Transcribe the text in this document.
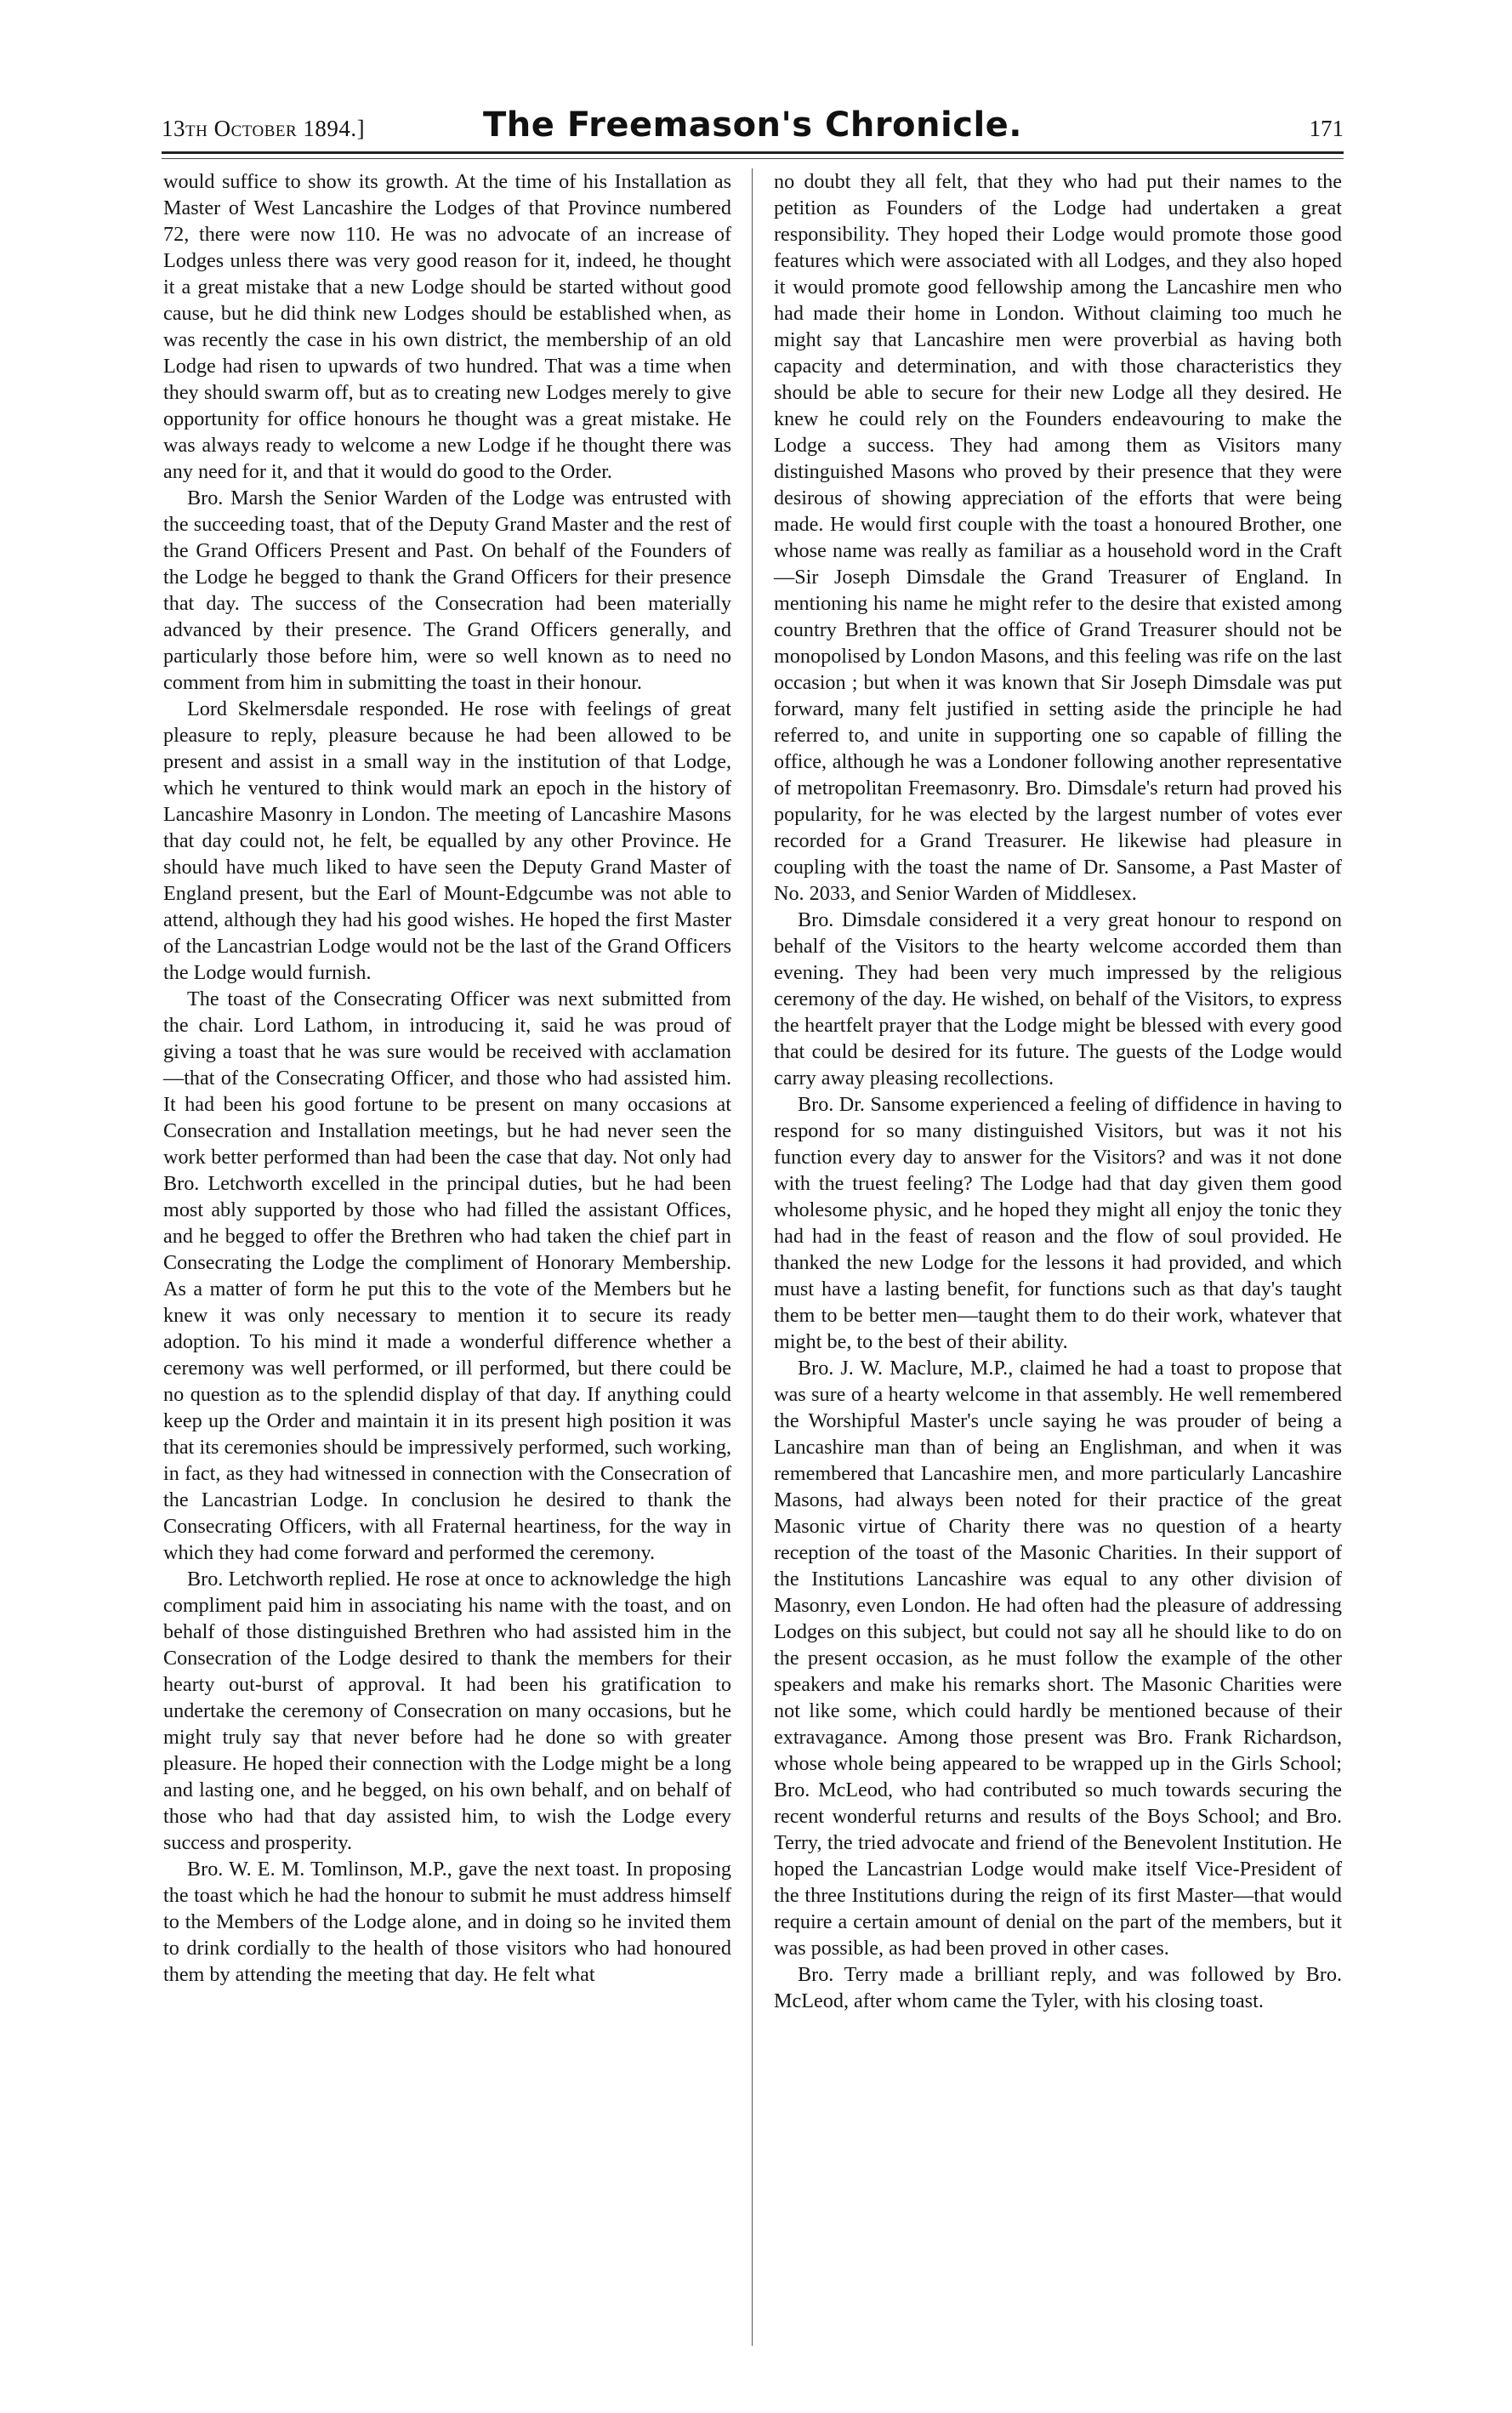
13th October 1894.]	The Freemason's Chronicle.	171

would suffice to show its growth. At the time of his Installation as Master of West Lancashire the Lodges of that Province numbered 72, there were now 110. He was no advocate of an increase of Lodges unless there was very good reason for it, indeed, he thought it a great mistake that a new Lodge should be started without good cause, but he did think new Lodges should be established when, as was recently the case in his own district, the membership of an old Lodge had risen to upwards of two hundred. That was a time when they should swarm off, but as to creating new Lodges merely to give opportunity for office honours he thought was a great mistake. He was always ready to welcome a new Lodge if he thought there was any need for it, and that it would do good to the Order.

Bro. Marsh the Senior Warden of the Lodge was entrusted with the succeeding toast, that of the Deputy Grand Master and the rest of the Grand Officers Present and Past. On behalf of the Founders of the Lodge he begged to thank the Grand Officers for their presence that day. The success of the Consecration had been materially advanced by their presence. The Grand Officers generally, and particularly those before him, were so well known as to need no comment from him in submitting the toast in their honour.

Lord Skelmersdale responded. He rose with feelings of great pleasure to reply, pleasure because he had been allowed to be present and assist in a small way in the institution of that Lodge, which he ventured to think would mark an epoch in the history of Lancashire Masonry in London. The meeting of Lancashire Masons that day could not, he felt, be equalled by any other Province. He should have much liked to have seen the Deputy Grand Master of England present, but the Earl of Mount-Edgcumbe was not able to attend, although they had his good wishes. He hoped the first Master of the Lancastrian Lodge would not be the last of the Grand Officers the Lodge would furnish.

The toast of the Consecrating Officer was next submitted from the chair. Lord Lathom, in introducing it, said he was proud of giving a toast that he was sure would be received with acclamation—that of the Consecrating Officer, and those who had assisted him. It had been his good fortune to be present on many occasions at Consecration and Installation meetings, but he had never seen the work better performed than had been the case that day. Not only had Bro. Letchworth excelled in the principal duties, but he had been most ably supported by those who had filled the assistant Offices, and he begged to offer the Brethren who had taken the chief part in Consecrating the Lodge the compliment of Honorary Membership. As a matter of form he put this to the vote of the Members but he knew it was only necessary to mention it to secure its ready adoption. To his mind it made a wonderful difference whether a ceremony was well performed, or ill performed, but there could be no question as to the splendid display of that day. If anything could keep up the Order and maintain it in its present high position it was that its ceremonies should be impressively performed, such working, in fact, as they had witnessed in connection with the Consecration of the Lancastrian Lodge. In conclusion he desired to thank the Consecrating Officers, with all Fraternal heartiness, for the way in which they had come forward and performed the ceremony.

Bro. Letchworth replied. He rose at once to acknowledge the high compliment paid him in associating his name with the toast, and on behalf of those distinguished Brethren who had assisted him in the Consecration of the Lodge desired to thank the members for their hearty out-burst of approval. It had been his gratification to undertake the ceremony of Consecration on many occasions, but he might truly say that never before had he done so with greater pleasure. He hoped their connection with the Lodge might be a long and lasting one, and he begged, on his own behalf, and on behalf of those who had that day assisted him, to wish the Lodge every success and prosperity.

Bro. W. E. M. Tomlinson, M.P., gave the next toast. In proposing the toast which he had the honour to submit he must address himself to the Members of the Lodge alone, and in doing so he invited them to drink cordially to the health of those visitors who had honoured them by attending the meeting that day. He felt what

no doubt they all felt, that they who had put their names to the petition as Founders of the Lodge had undertaken a great responsibility. They hoped their Lodge would promote those good features which were associated with all Lodges, and they also hoped it would promote good fellowship among the Lancashire men who had made their home in London. Without claiming too much he might say that Lancashire men were proverbial as having both capacity and determination, and with those characteristics they should be able to secure for their new Lodge all they desired. He knew he could rely on the Founders endeavouring to make the Lodge a success. They had among them as Visitors many distinguished Masons who proved by their presence that they were desirous of showing appreciation of the efforts that were being made. He would first couple with the toast a honoured Brother, one whose name was really as familiar as a household word in the Craft—Sir Joseph Dimsdale the Grand Treasurer of England. In mentioning his name he might refer to the desire that existed among country Brethren that the office of Grand Treasurer should not be monopolised by London Masons, and this feeling was rife on the last occasion ; but when it was known that Sir Joseph Dimsdale was put forward, many felt justified in setting aside the principle he had referred to, and unite in supporting one so capable of filling the office, although he was a Londoner following another representative of metropolitan Freemasonry. Bro. Dimsdale's return had proved his popularity, for he was elected by the largest number of votes ever recorded for a Grand Treasurer. He likewise had pleasure in coupling with the toast the name of Dr. Sansome, a Past Master of No. 2033, and Senior Warden of Middlesex.

Bro. Dimsdale considered it a very great honour to respond on behalf of the Visitors to the hearty welcome accorded them than evening. They had been very much impressed by the religious ceremony of the day. He wished, on behalf of the Visitors, to express the heartfelt prayer that the Lodge might be blessed with every good that could be desired for its future. The guests of the Lodge would carry away pleasing recollections.

Bro. Dr. Sansome experienced a feeling of diffidence in having to respond for so many distinguished Visitors, but was it not his function every day to answer for the Visitors? and was it not done with the truest feeling? The Lodge had that day given them good wholesome physic, and he hoped they might all enjoy the tonic they had had in the feast of reason and the flow of soul provided. He thanked the new Lodge for the lessons it had provided, and which must have a lasting benefit, for functions such as that day's taught them to be better men—taught them to do their work, whatever that might be, to the best of their ability.

Bro. J. W. Maclure, M.P., claimed he had a toast to propose that was sure of a hearty welcome in that assembly. He well remembered the Worshipful Master's uncle saying he was prouder of being a Lancashire man than of being an Englishman, and when it was remembered that Lancashire men, and more particularly Lancashire Masons, had always been noted for their practice of the great Masonic virtue of Charity there was no question of a hearty reception of the toast of the Masonic Charities. In their support of the Institutions Lancashire was equal to any other division of Masonry, even London. He had often had the pleasure of addressing Lodges on this subject, but could not say all he should like to do on the present occasion, as he must follow the example of the other speakers and make his remarks short. The Masonic Charities were not like some, which could hardly be mentioned because of their extravagance. Among those present was Bro. Frank Richardson, whose whole being appeared to be wrapped up in the Girls School; Bro. McLeod, who had contributed so much towards securing the recent wonderful returns and results of the Boys School; and Bro. Terry, the tried advocate and friend of the Benevolent Institution. He hoped the Lancastrian Lodge would make itself Vice-President of the three Institutions during the reign of its first Master—that would require a certain amount of denial on the part of the members, but it was possible, as had been proved in other cases.

Bro. Terry made a brilliant reply, and was followed by Bro. McLeod, after whom came the Tyler, with his closing toast.
